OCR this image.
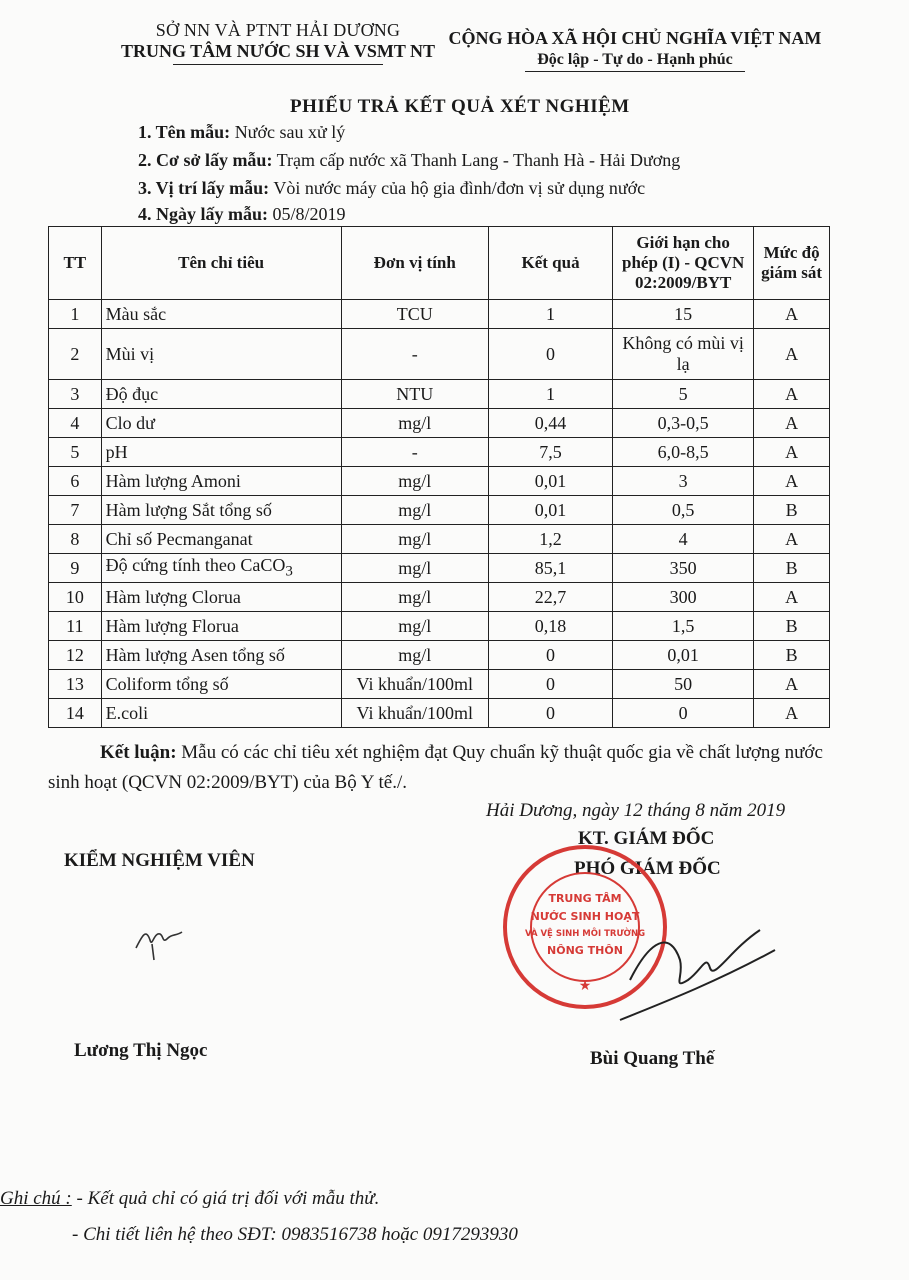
SỞ NN VÀ PTNT HẢI DƯƠNG
TRUNG TÂM NƯỚC SH VÀ VSMT NT
CỘNG HÒA XÃ HỘI CHỦ NGHĨA VIỆT NAM
Độc lập - Tự do - Hạnh phúc
PHIẾU TRẢ KẾT QUẢ XÉT NGHIỆM
1. Tên mẫu: Nước sau xử lý
2. Cơ sở lấy mẫu: Trạm cấp nước xã Thanh Lang - Thanh Hà - Hải Dương
3. Vị trí lấy mẫu: Vòi nước máy của hộ gia đình/đơn vị sử dụng nước
4. Ngày lấy mẫu: 05/8/2019
TT	Tên chỉ tiêu	Đơn vị tính	Kết quả	Giới hạn cho phép (I) - QCVN 02:2009/BYT	Mức độ giám sát
1	Màu sắc	TCU	1	15	A
2	Mùi vị	-	0	Không có mùi vị lạ	A
3	Độ đục	NTU	1	5	A
4	Clo dư	mg/l	0,44	0,3-0,5	A
5	pH	-	7,5	6,0-8,5	A
6	Hàm lượng Amoni	mg/l	0,01	3	A
7	Hàm lượng Sắt tổng số	mg/l	0,01	0,5	B
8	Chỉ số Pecmanganat	mg/l	1,2	4	A
9	Độ cứng tính theo CaCO$_3$	mg/l	85,1	350	B
10	Hàm lượng Clorua	mg/l	22,7	300	A
11	Hàm lượng Florua	mg/l	0,18	1,5	B
12	Hàm lượng Asen tổng số	mg/l	0	0,01	B
13	Coliform tổng số	Vi khuẩn/100ml	0	50	A
14	E.coli	Vi khuẩn/100ml	0	0	A
Kết luận: Mẫu có các chỉ tiêu xét nghiệm đạt Quy chuẩn kỹ thuật quốc gia về chất lượng nước sinh hoạt (QCVN 02:2009/BYT) của Bộ Y tế./.
Hải Dương, ngày 12 tháng 8 năm 2019
KT. GIÁM ĐỐC
PHÓ GIÁM ĐỐC
KIỂM NGHIỆM VIÊN
TRUNG TÂM
NƯỚC SINH HOẠT
VÀ VỆ SINH MÔI TRƯỜNG
NÔNG THÔN
★
Lương Thị Ngọc	Bùi Quang Thế
Ghi chú : - Kết quả chỉ có giá trị đối với mẫu thử.
- Chi tiết liên hệ theo SĐT: 0983516738 hoặc 0917293930
